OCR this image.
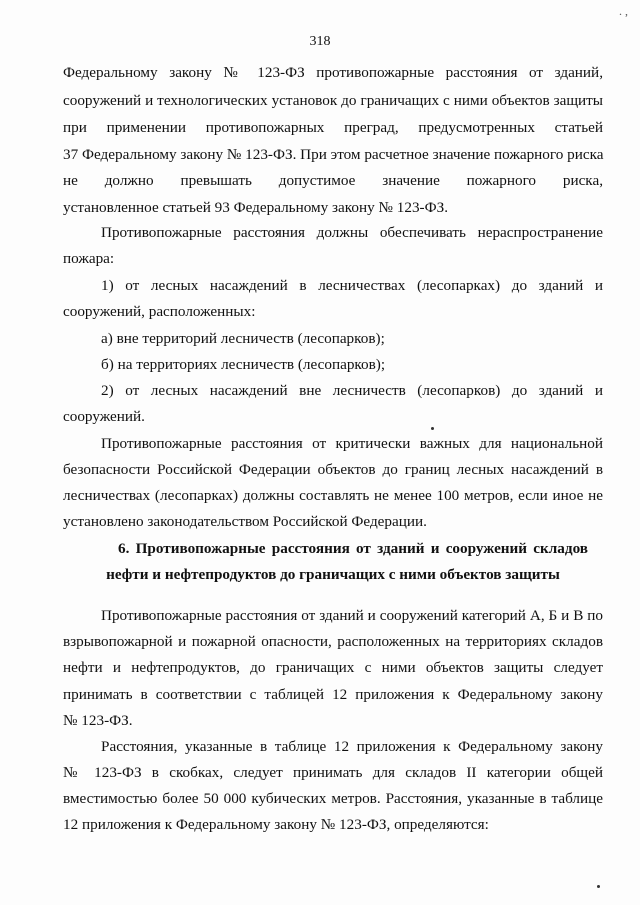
. ,
318
Федеральному закону № 123-ФЗ противопожарные расстояния от зданий,
сооружений и технологических установок до граничащих с ними объектов защиты
при применении противопожарных преград, предусмотренных статьей
37 Федеральному закону № 123-ФЗ. При этом расчетное значение пожарного риска
не должно превышать допустимое значение пожарного риска,
установленное статьей 93 Федеральному закону № 123-ФЗ.
Противопожарные расстояния должны обеспечивать нераспространение
пожара:
1) от лесных насаждений в лесничествах (лесопарках) до зданий и
сооружений, расположенных:
а) вне территорий лесничеств (лесопарков);
б) на территориях лесничеств (лесопарков);
2) от лесных насаждений вне лесничеств (лесопарков) до зданий и
сооружений.
Противопожарные расстояния от критически важных для национальной
безопасности Российской Федерации объектов до границ лесных насаждений в
лесничествах (лесопарках) должны составлять не менее 100 метров, если иное не
установлено законодательством Российской Федерации.
6. Противопожарные расстояния от зданий и сооружений складов
нефти и нефтепродуктов до граничащих с ними объектов защиты
Противопожарные расстояния от зданий и сооружений категорий А, Б и В по
взрывопожарной и пожарной опасности, расположенных на территориях складов
нефти и нефтепродуктов, до граничащих с ними объектов защиты следует
принимать в соответствии с таблицей 12 приложения к Федеральному закону
№ 123-ФЗ.
Расстояния, указанные в таблице 12 приложения к Федеральному закону
№ 123-ФЗ в скобках, следует принимать для складов II категории общей
вместимостью более 50 000 кубических метров. Расстояния, указанные в таблице
12 приложения к Федеральному закону № 123-ФЗ, определяются:
